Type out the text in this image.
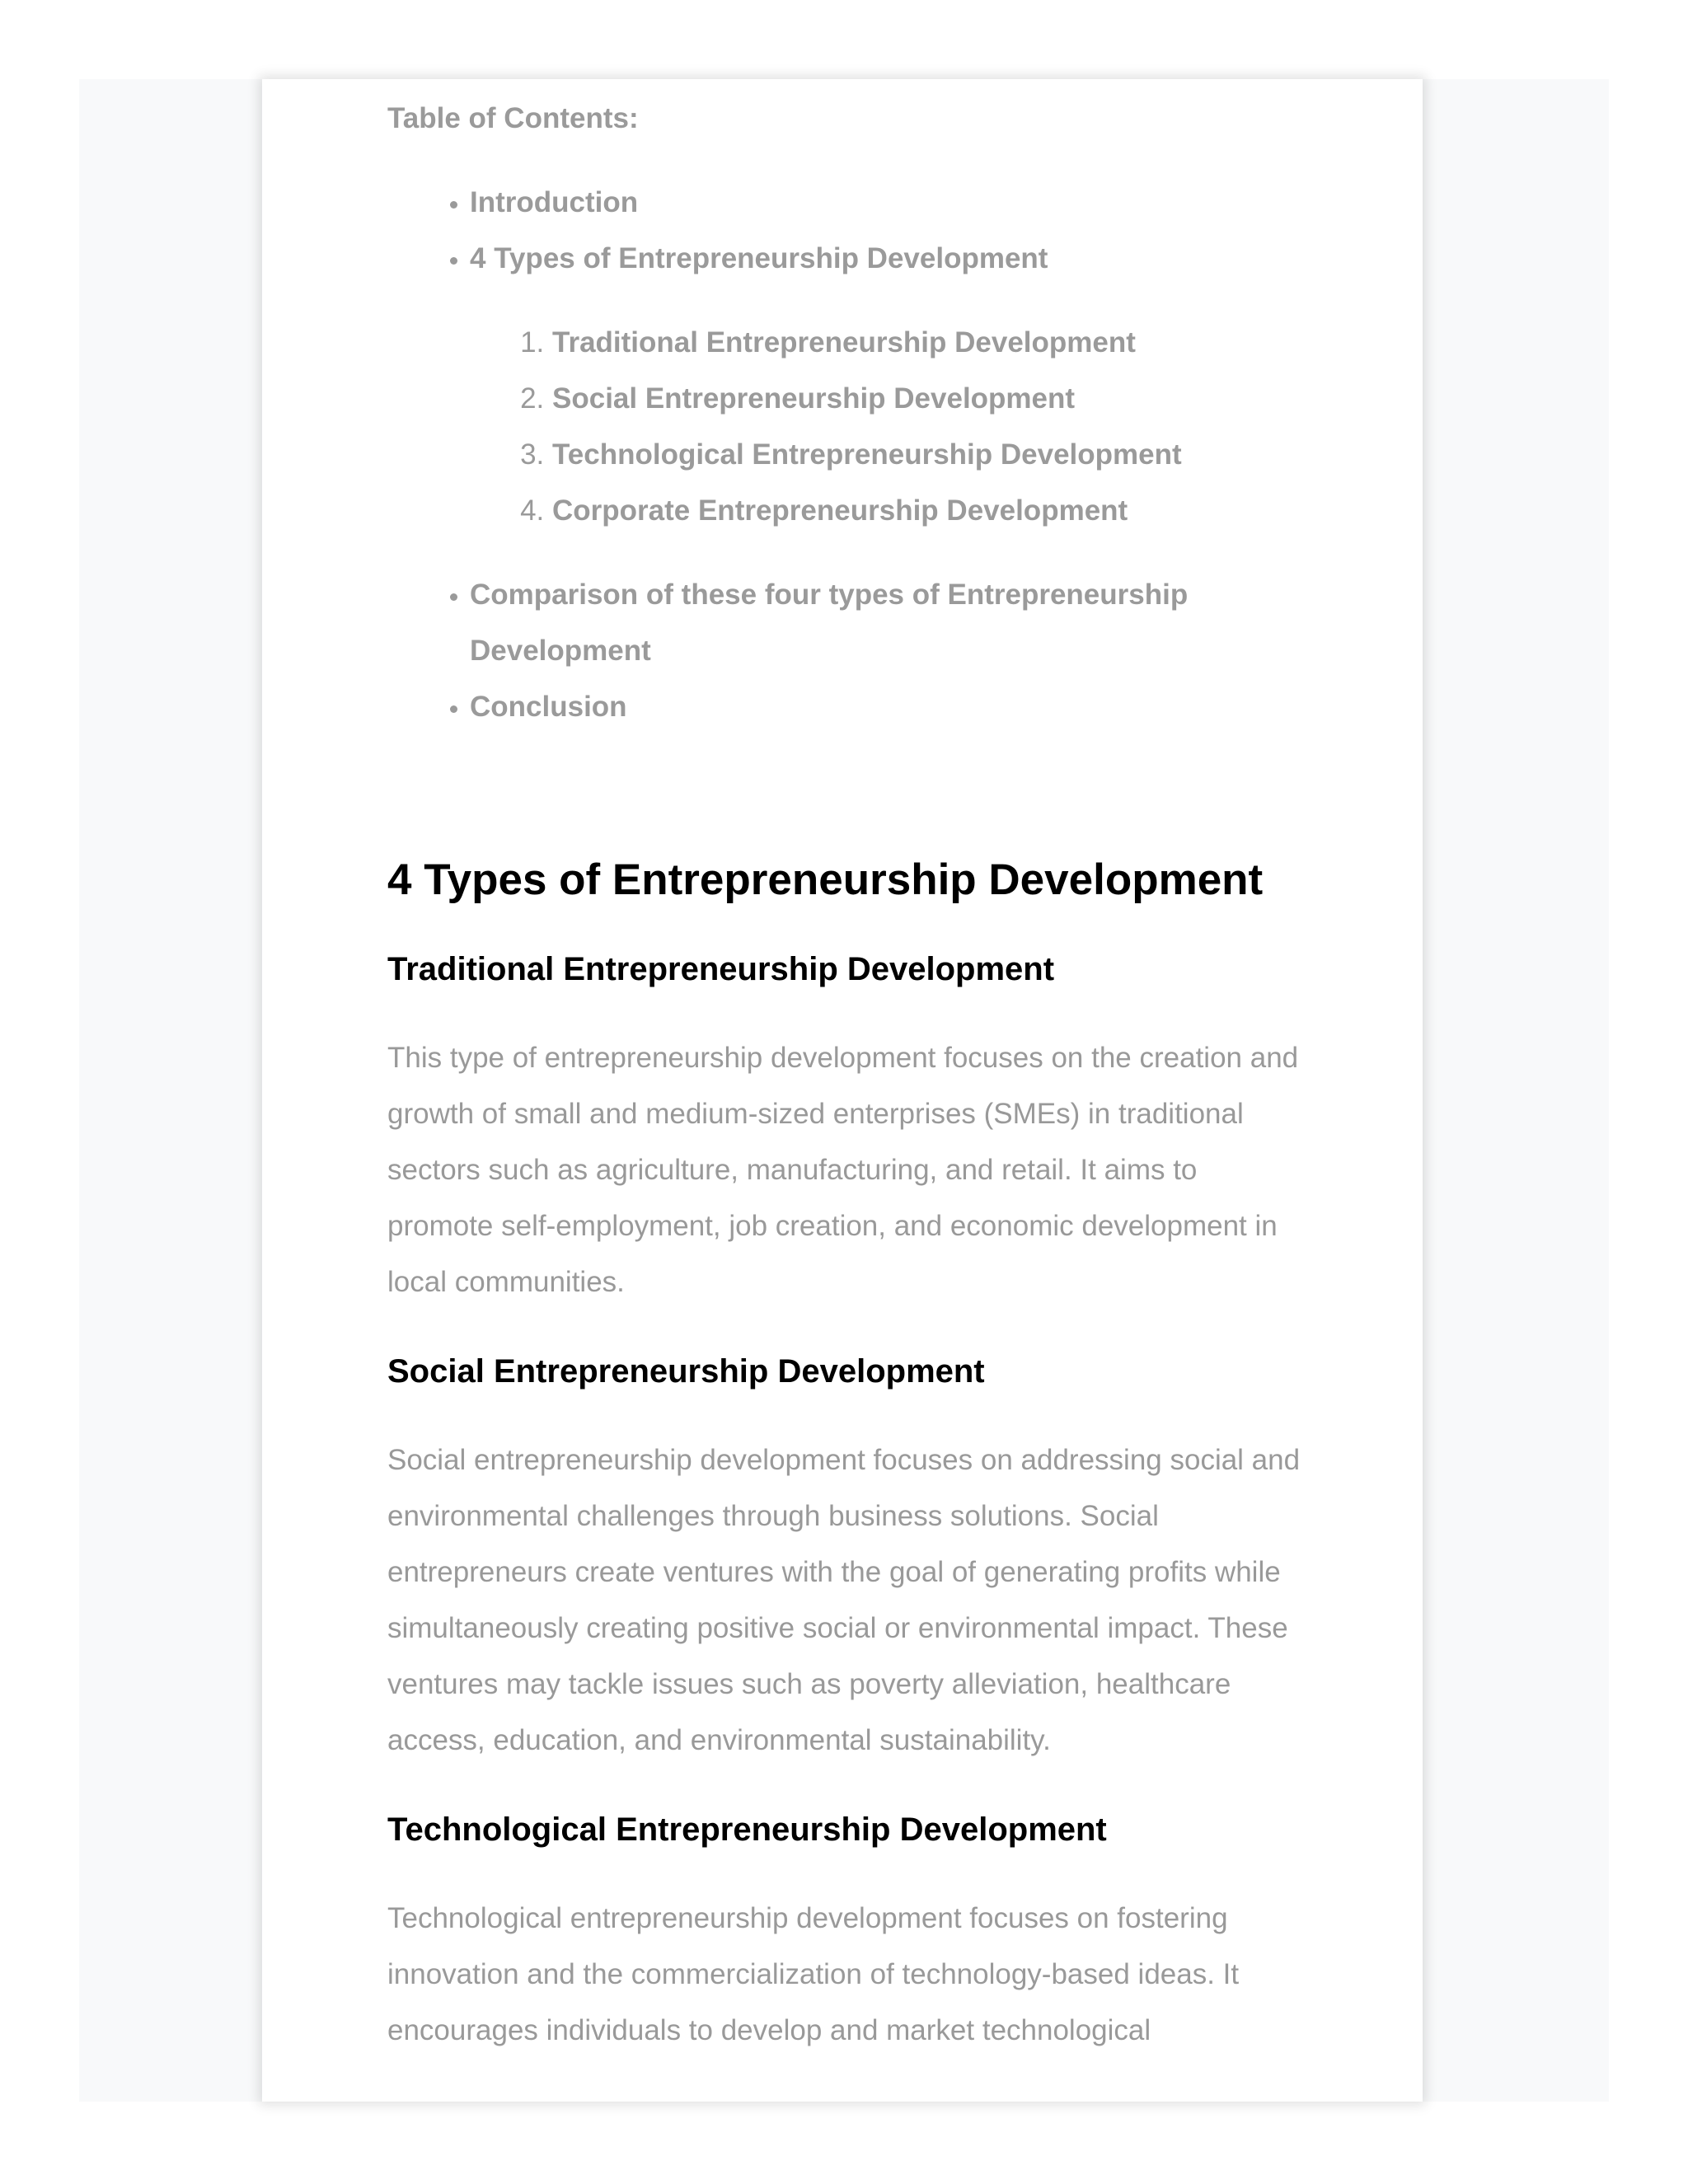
Table of Contents:

• Introduction
• 4 Types of Entrepreneurship Development
1. Traditional Entrepreneurship Development
2. Social Entrepreneurship Development
3. Technological Entrepreneurship Development
4. Corporate Entrepreneurship Development
• Comparison of these four types of Entrepreneurship Development
• Conclusion
4 Types of Entrepreneurship Development
Traditional Entrepreneurship Development

This type of entrepreneurship development focuses on the creation and growth of small and medium-sized enterprises (SMEs) in traditional sectors such as agriculture, manufacturing, and retail. It aims to promote self-employment, job creation, and economic development in local communities.

Social Entrepreneurship Development

Social entrepreneurship development focuses on addressing social and environmental challenges through business solutions. Social entrepreneurs create ventures with the goal of generating profits while simultaneously creating positive social or environmental impact. These ventures may tackle issues such as poverty alleviation, healthcare access, education, and environmental sustainability.

Technological Entrepreneurship Development

Technological entrepreneurship development focuses on fostering innovation and the commercialization of technology-based ideas. It encourages individuals to develop and market technological
